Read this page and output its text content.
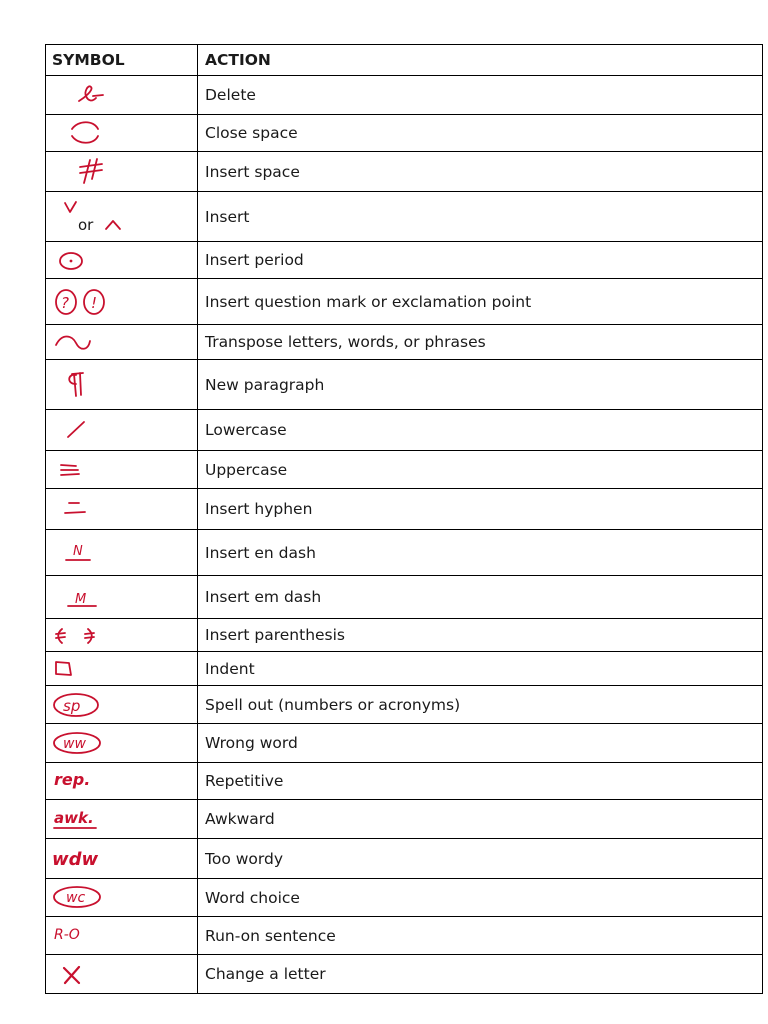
SYMBOL	ACTION

	Delete

	Close space

	Insert space

or	Insert

	Insert period

? !	Insert question mark or exclamation point

	Transpose letters, words, or phrases

	New paragraph

	Lowercase

	Uppercase

	Insert hyphen

N	Insert en dash

M	Insert em dash

	Insert parenthesis

	Indent

sp	Spell out (numbers or acronyms)

ww	Wrong word

rep.	Repetitive

awk.	Awkward

wdw	Too wordy

wc	Word choice

R-O	Run-on sentence

	Change a letter
